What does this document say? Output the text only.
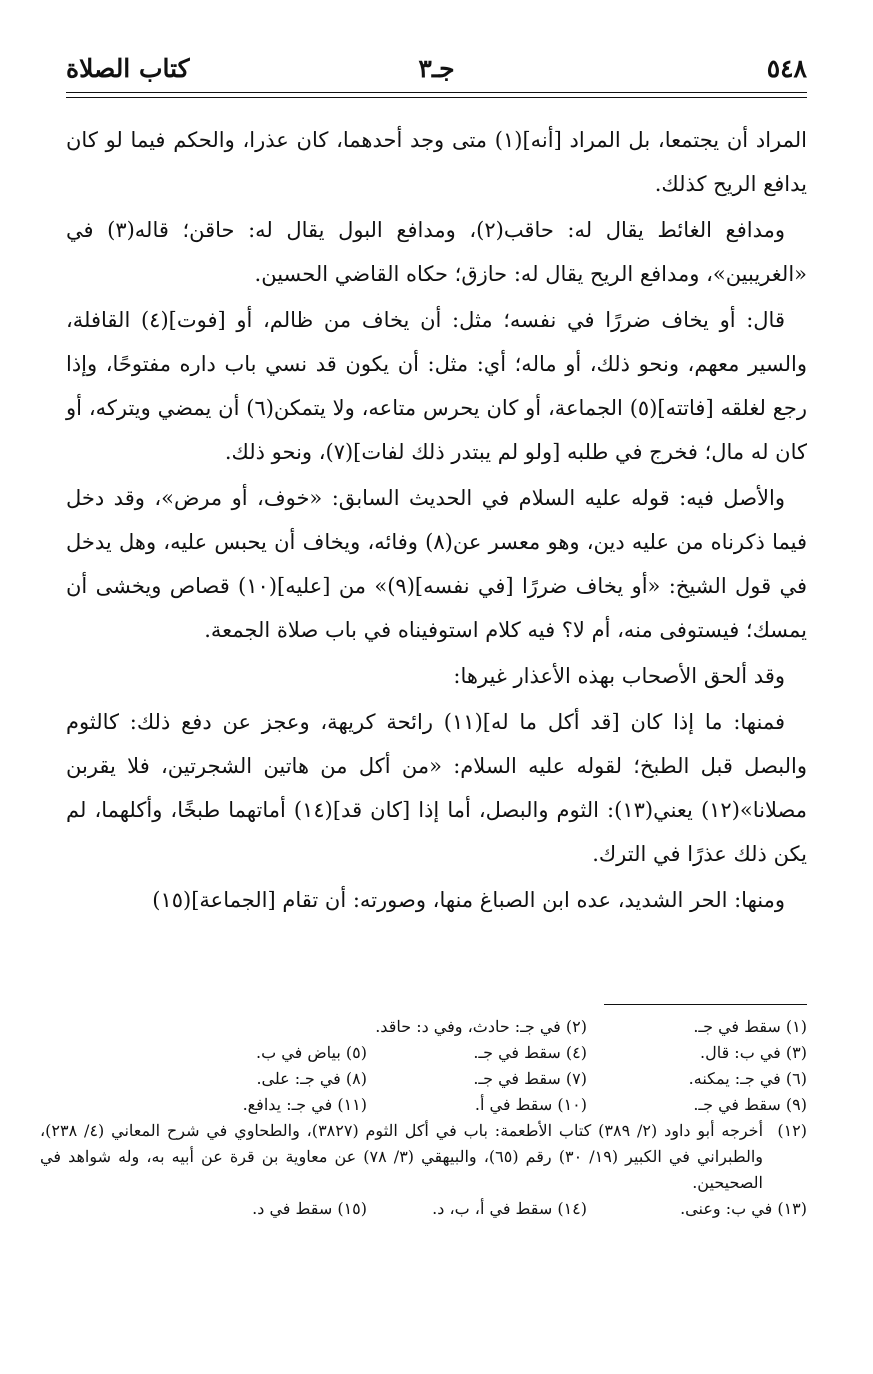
٥٤٨
جـ٣
كتاب الصلاة

المراد أن يجتمعا، بل المراد [أنه](١) متى وجد أحدهما، كان عذرا، والحكم فيما لو كان يدافع الريح كذلك.

ومدافع الغائط يقال له: حاقب(٢)، ومدافع البول يقال له: حاقن؛ قاله(٣) في «الغريبين»، ومدافع الريح يقال له: حازق؛ حكاه القاضي الحسين.

قال: أو يخاف ضررًا في نفسه؛ مثل: أن يخاف من ظالم، أو [فوت](٤) القافلة، والسير معهم، ونحو ذلك، أو ماله؛ أي: مثل: أن يكون قد نسي باب داره مفتوحًا، وإذا رجع لغلقه [فاتته](٥) الجماعة، أو كان يحرس متاعه، ولا يتمكن(٦) أن يمضي ويتركه، أو كان له مال؛ فخرج في طلبه [ولو لم يبتدر ذلك لفات](٧)، ونحو ذلك.

والأصل فيه: قوله عليه السلام في الحديث السابق: «خوف، أو مرض»، وقد دخل فيما ذكرناه من عليه دين، وهو معسر عن(٨) وفائه، ويخاف أن يحبس عليه، وهل يدخل في قول الشيخ: «أو يخاف ضررًا [في نفسه](٩)» من [عليه](١٠) قصاص ويخشى أن يمسك؛ فيستوفى منه، أم لا؟ فيه كلام استوفيناه في باب صلاة الجمعة.

وقد ألحق الأصحاب بهذه الأعذار غيرها:

فمنها: ما إذا كان [قد أكل ما له](١١) رائحة كريهة، وعجز عن دفع ذلك: كالثوم والبصل قبل الطبخ؛ لقوله عليه السلام: «من أكل من هاتين الشجرتين، فلا يقربن مصلانا»(١٢) يعني(١٣): الثوم والبصل، أما إذا [كان قد](١٤) أماتهما طبخًا، وأكلهما، لم يكن ذلك عذرًا في الترك.

ومنها: الحر الشديد، عده ابن الصباغ منها، وصورته: أن تقام [الجماعة](١٥)

(١) سقط في جـ.
(٢) في جـ: حادث، وفي د: حاقد.
(٣) في ب: قال.
(٤) سقط في جـ.
(٥) بياض في ب.
(٦) في جـ: يمكنه.
(٧) سقط في جـ.
(٨) في جـ: على.
(٩) سقط في جـ.
(١٠) سقط في أ.
(١١) في جـ: يدافع.
(١٢)
أخرجه أبو داود (٢/ ٣٨٩) كتاب الأطعمة: باب في أكل الثوم (٣٨٢٧)، والطحاوي في شرح المعاني (٤/ ٢٣٨)، والطبراني في الكبير (١٩/ ٣٠) رقم (٦٥)، والبيهقي (٣/ ٧٨) عن معاوية بن قرة عن أبيه به، وله شواهد في الصحيحين.
(١٣) في ب: وعنى.
(١٤) سقط في أ، ب، د.
(١٥) سقط في د.
